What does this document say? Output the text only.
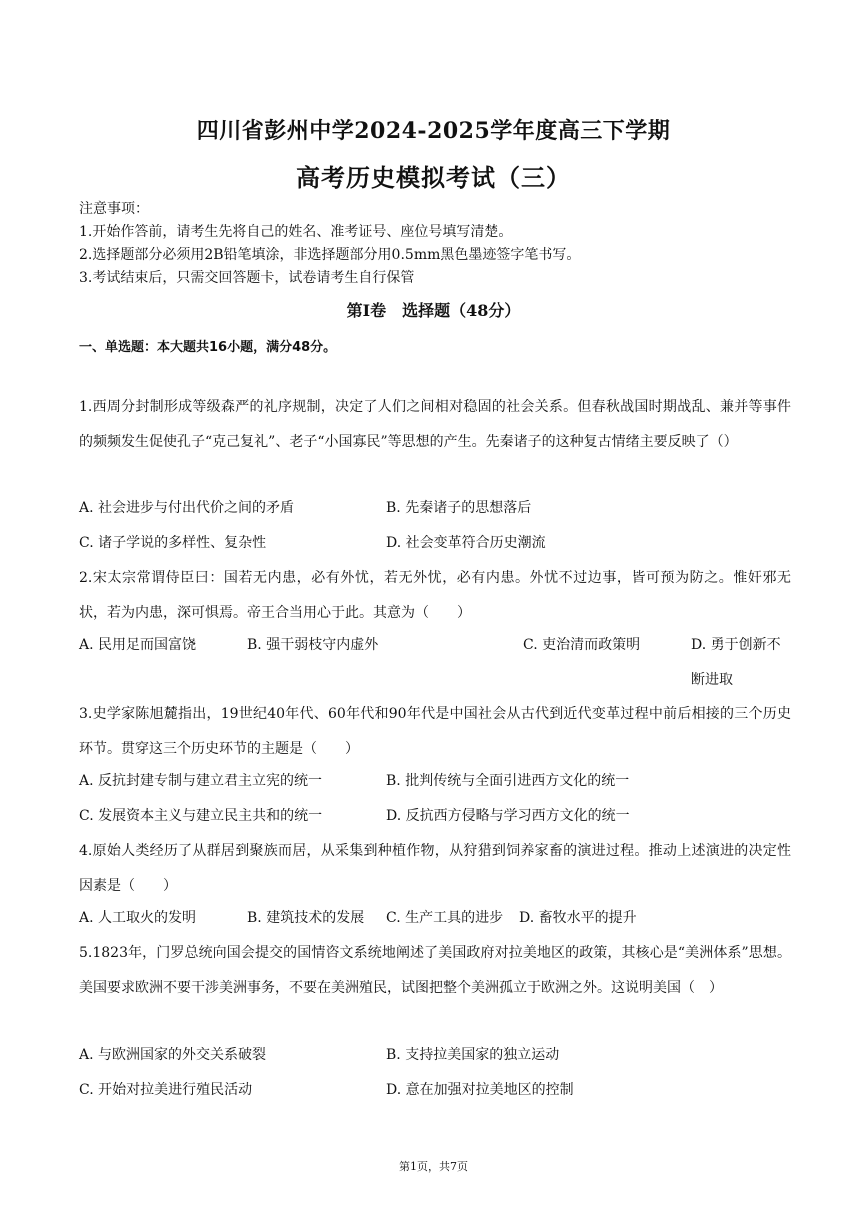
四川省彭州中学2024-2025学年度高三下学期
高考历史模拟考试（三）
注意事项：
1.开始作答前，请考生先将自己的姓名、准考证号、座位号填写清楚。
2.选择题部分必须用2B铅笔填涂，非选择题部分用0.5mm黑色墨迹签字笔书写。
3.考试结束后，只需交回答题卡，试卷请考生自行保管
第Ⅰ卷　选择题（48分）
一、单选题：本大题共16小题，满分48分。
1.西周分封制形成等级森严的礼序规制，决定了人们之间相对稳固的社会关系。但春秋战国时期战乱、兼并等事件的频频发生促使孔子“克己复礼”、老子“小国寡民”等思想的产生。先秦诸子的这种复古情绪主要反映了（）
A. 社会进步与付出代价之间的矛盾	B. 先秦诸子的思想落后
C. 诸子学说的多样性、复杂性	D. 社会变革符合历史潮流
2.宋太宗常谓侍臣曰：国若无内患，必有外忧，若无外忧，必有内患。外忧不过边事，皆可预为防之。惟奸邪无状，若为内患，深可惧焉。帝王合当用心于此。其意为（　　）
A. 民用足而国富饶	B. 强干弱枝守内虚外	C. 吏治清而政策明	D. 勇于创新不断进取
3.史学家陈旭麓指出，19世纪40年代、60年代和90年代是中国社会从古代到近代变革过程中前后相接的三个历史环节。贯穿这三个历史环节的主题是（　　）
A. 反抗封建专制与建立君主立宪的统一	B. 批判传统与全面引进西方文化的统一
C. 发展资本主义与建立民主共和的统一	D. 反抗西方侵略与学习西方文化的统一
4.原始人类经历了从群居到聚族而居，从采集到种植作物，从狩猎到饲养家畜的演进过程。推动上述演进的决定性因素是（　　）
A. 人工取火的发明	B. 建筑技术的发展 C. 生产工具的进步 D. 畜牧水平的提升
5.1823年，门罗总统向国会提交的国情咨文系统地阐述了美国政府对拉美地区的政策，其核心是“美洲体系”思想。美国要求欧洲不要干涉美洲事务，不要在美洲殖民，试图把整个美洲孤立于欧洲之外。这说明美国（　）
A. 与欧洲国家的外交关系破裂	B. 支持拉美国家的独立运动
C. 开始对拉美进行殖民活动	D. 意在加强对拉美地区的控制
第1页，共7页
